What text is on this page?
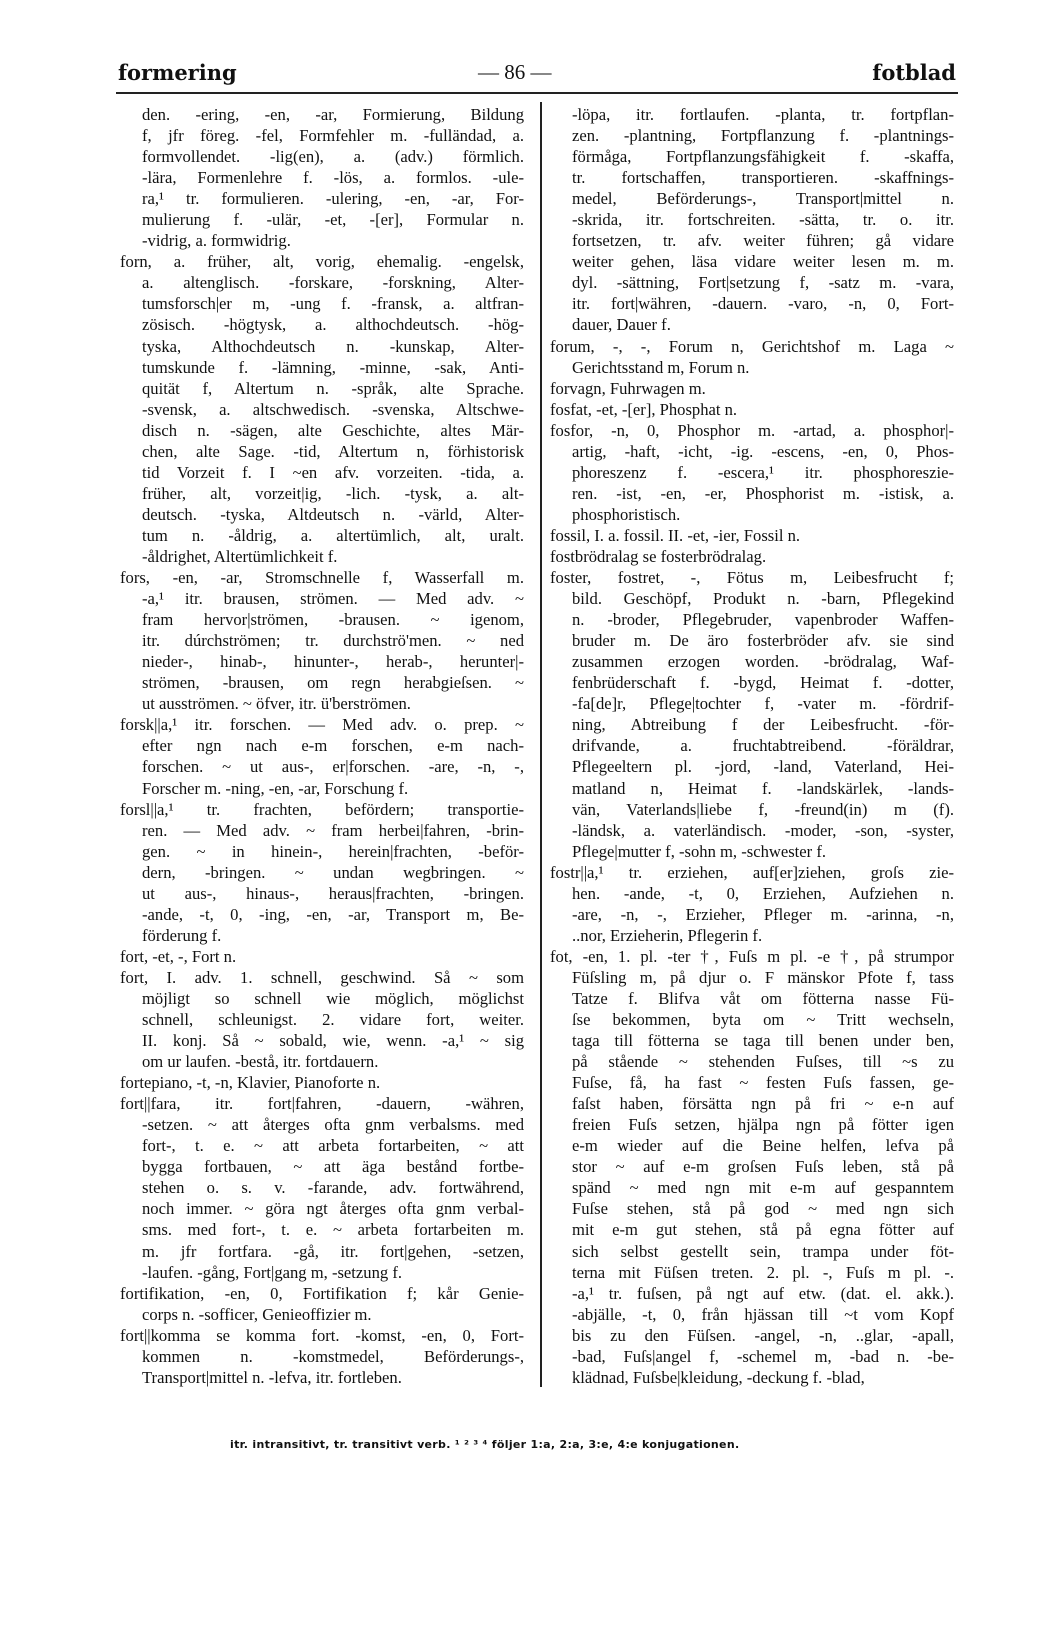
formering	— 86 —	fotblad
den. -ering, -en, -ar, Formierung, Bildung
f, jfr föreg. -fel, Formfehler m. -fulländad, a.
formvollendet. -lig(en), a. (adv.) förmlich.
-lära, Formenlehre f. -lös, a. formlos. -ule-
ra,¹ tr. formulieren. -ulering, -en, -ar, For-
mulierung f. -ulär, -et, -[er], Formular n.
-vidrig, a. formwidrig.
forn, a. früher, alt, vorig, ehemalig. -engelsk,
a. altenglisch. -forskare, -forskning, Alter-
tumsforsch|er m, -ung f. -fransk, a. altfran-
zösisch. -högtysk, a. althochdeutsch. -hög-
tyska, Althochdeutsch n. -kunskap, Alter-
tumskunde f. -lämning, -minne, -sak, Anti-
quität f, Altertum n. -språk, alte Sprache.
-svensk, a. altschwedisch. -svenska, Altschwe-
disch n. -sägen, alte Geschichte, altes Mär-
chen, alte Sage. -tid, Altertum n, förhistorisk
tid Vorzeit f. I ~en afv. vorzeiten. -tida, a.
früher, alt, vorzeit|ig, -lich. -tysk, a. alt-
deutsch. -tyska, Altdeutsch n. -värld, Alter-
tum n. -åldrig, a. altertümlich, alt, uralt.
-åldrighet, Altertümlichkeit f.
fors, -en, -ar, Stromschnelle f, Wasserfall m.
-a,¹ itr. brausen, strömen. — Med adv. ~
fram hervor|strömen, -brausen. ~ igenom,
itr. dúrchströmen; tr. durchströ'men. ~ ned
nieder-, hinab-, hinunter-, herab-, herunter|-
strömen, -brausen, om regn herabgieſsen. ~
ut ausströmen. ~ öfver, itr. ü'berströmen.
forsk||a,¹ itr. forschen. — Med adv. o. prep. ~
efter ngn nach e-m forschen, e-m nach-
forschen. ~ ut aus-, er|forschen. -are, -n, -,
Forscher m. -ning, -en, -ar, Forschung f.
forsl||a,¹ tr. frachten, befördern; transportie-
ren. — Med adv. ~ fram herbei|fahren, -brin-
gen. ~ in hinein-, herein|frachten, -beför-
dern, -bringen. ~ undan wegbringen. ~
ut aus-, hinaus-, heraus|frachten, -bringen.
-ande, -t, 0, -ing, -en, -ar, Transport m, Be-
förderung f.
fort, -et, -, Fort n.
fort, I. adv. 1. schnell, geschwind. Så ~ som
möjligt so schnell wie möglich, möglichst
schnell, schleunigst. 2. vidare fort, weiter.
II. konj. Så ~ sobald, wie, wenn. -a,¹ ~ sig
om ur laufen. -bestå, itr. fortdauern.
fortepiano, -t, -n, Klavier, Pianoforte n.
fort||fara, itr. fort|fahren, -dauern, -währen,
-setzen. ~ att återges ofta gnm verbalsms. med
fort-, t. e. ~ att arbeta fortarbeiten, ~ att
bygga fortbauen, ~ att äga bestånd fortbe-
stehen o. s. v. -farande, adv. fortwährend,
noch immer. ~ göra ngt återges ofta gnm verbal-
sms. med fort-, t. e. ~ arbeta fortarbeiten m.
m. jfr fortfara. -gå, itr. fort|gehen, -setzen,
-laufen. -gång, Fort|gang m, -setzung f.
fortifikation, -en, 0, Fortifikation f; kår Genie-
corps n. -sofficer, Genieoffizier m.
fort||komma se komma fort. -komst, -en, 0, Fort-
kommen n. -komstmedel, Beförderungs-,
Transport|mittel n. -lefva, itr. fortleben.
-löpa, itr. fortlaufen. -planta, tr. fortpflan-
zen. -plantning, Fortpflanzung f. -plantnings-
förmåga, Fortpflanzungsfähigkeit f. -skaffa,
tr. fortschaffen, transportieren. -skaffnings-
medel, Beförderungs-, Transport|mittel n.
-skrida, itr. fortschreiten. -sätta, tr. o. itr.
fortsetzen, tr. afv. weiter führen; gå vidare
weiter gehen, läsa vidare weiter lesen m. m.
dyl. -sättning, Fort|setzung f, -satz m. -vara,
itr. fort|währen, -dauern. -varo, -n, 0, Fort-
dauer, Dauer f.
forum, -, -, Forum n, Gerichtshof m. Laga ~
Gerichtsstand m, Forum n.
forvagn, Fuhrwagen m.
fosfat, -et, -[er], Phosphat n.
fosfor, -n, 0, Phosphor m. -artad, a. phosphor|-
artig, -haft, -icht, -ig. -escens, -en, 0, Phos-
phoreszenz f. -escera,¹ itr. phosphoreszie-
ren. -ist, -en, -er, Phosphorist m. -istisk, a.
phosphoristisch.
fossil, I. a. fossil. II. -et, -ier, Fossil n.
fostbrödralag se fosterbrödralag.
foster, fostret, -, Fötus m, Leibesfrucht f;
bild. Geschöpf, Produkt n. -barn, Pflegekind
n. -broder, Pflegebruder, vapenbroder Waffen-
bruder m. De äro fosterbröder afv. sie sind
zusammen erzogen worden. -brödralag, Waf-
fenbrüderschaft f. -bygd, Heimat f. -dotter,
-fa[de]r, Pflege|tochter f, -vater m. -fördrif-
ning, Abtreibung f der Leibesfrucht. -för-
drifvande, a. fruchtabtreibend. -föräldrar,
Pflegeeltern pl. -jord, -land, Vaterland, Hei-
matland n, Heimat f. -landskärlek, -lands-
vän, Vaterlands|liebe f, -freund(in) m (f).
-ländsk, a. vaterländisch. -moder, -son, -syster,
Pflege|mutter f, -sohn m, -schwester f.
fostr||a,¹ tr. erziehen, auf[er]ziehen, groſs zie-
hen. -ande, -t, 0, Erziehen, Aufziehen n.
-are, -n, -, Erzieher, Pfleger m. -arinna, -n,
..nor, Erzieherin, Pflegerin f.
fot, -en, 1. pl. -ter †, Fuſs m pl. -e †, på strumpor
Füſsling m, på djur o. F mänskor Pfote f, tass
Tatze f. Blifva våt om fötterna nasse Fü-
ſse bekommen, byta om ~ Tritt wechseln,
taga till fötterna se taga till benen under ben,
på stående ~ stehenden Fuſses, till ~s zu
Fuſse, få, ha fast ~ festen Fuſs fassen, ge-
faſst haben, försätta ngn på fri ~ e-n auf
freien Fuſs setzen, hjälpa ngn på fötter igen
e-m wieder auf die Beine helfen, lefva på
stor ~ auf e-m groſsen Fuſs leben, stå på
spänd ~ med ngn mit e-m auf gespanntem
Fuſse stehen, stå på god ~ med ngn sich
mit e-m gut stehen, stå på egna fötter auf
sich selbst gestellt sein, trampa under föt-
terna mit Füſsen treten. 2. pl. -, Fuſs m pl. -.
-a,¹ tr. fuſsen, på ngt auf etw. (dat. el. akk.).
-abjälle, -t, 0, från hjässan till ~t vom Kopf
bis zu den Füſsen. -angel, -n, ..glar, -apall,
-bad, Fuſs|angel f, -schemel m, -bad n. -be-
klädnad, Fuſsbe|kleidung, -deckung f. -blad,
itr. intransitivt, tr. transitivt verb. ¹ ² ³ ⁴ följer 1:a, 2:a, 3:e, 4:e konjugationen.
